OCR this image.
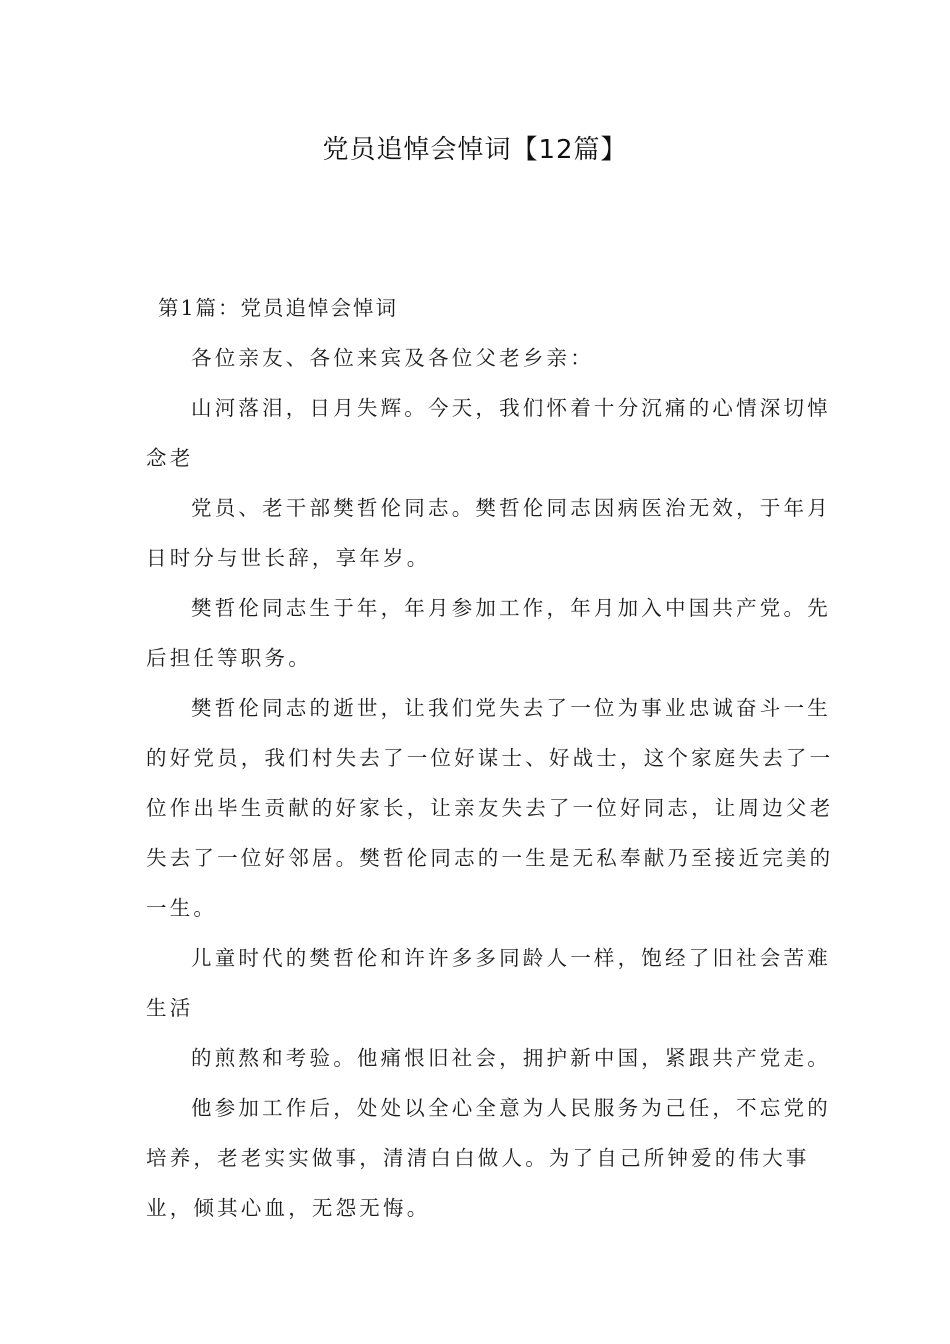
党员追悼会悼词【12篇】

第1篇：党员追悼会悼词

各位亲友、各位来宾及各位父老乡亲：

山河落泪，日月失辉。今天，我们怀着十分沉痛的心情深切悼
念老

党员、老干部樊哲伦同志。樊哲伦同志因病医治无效，于年月
日时分与世长辞，享年岁。

樊哲伦同志生于年，年月参加工作，年月加入中国共产党。先
后担任等职务。

樊哲伦同志的逝世，让我们党失去了一位为事业忠诚奋斗一生
的好党员，我们村失去了一位好谋士、好战士，这个家庭失去了一
位作出毕生贡献的好家长，让亲友失去了一位好同志，让周边父老
失去了一位好邻居。樊哲伦同志的一生是无私奉献乃至接近完美的
一生。

儿童时代的樊哲伦和许许多多同龄人一样，饱经了旧社会苦难
生活

的煎熬和考验。他痛恨旧社会，拥护新中国，紧跟共产党走。

他参加工作后，处处以全心全意为人民服务为己任，不忘党的
培养，老老实实做事，清清白白做人。为了自己所钟爱的伟大事
业，倾其心血，无怨无悔。
